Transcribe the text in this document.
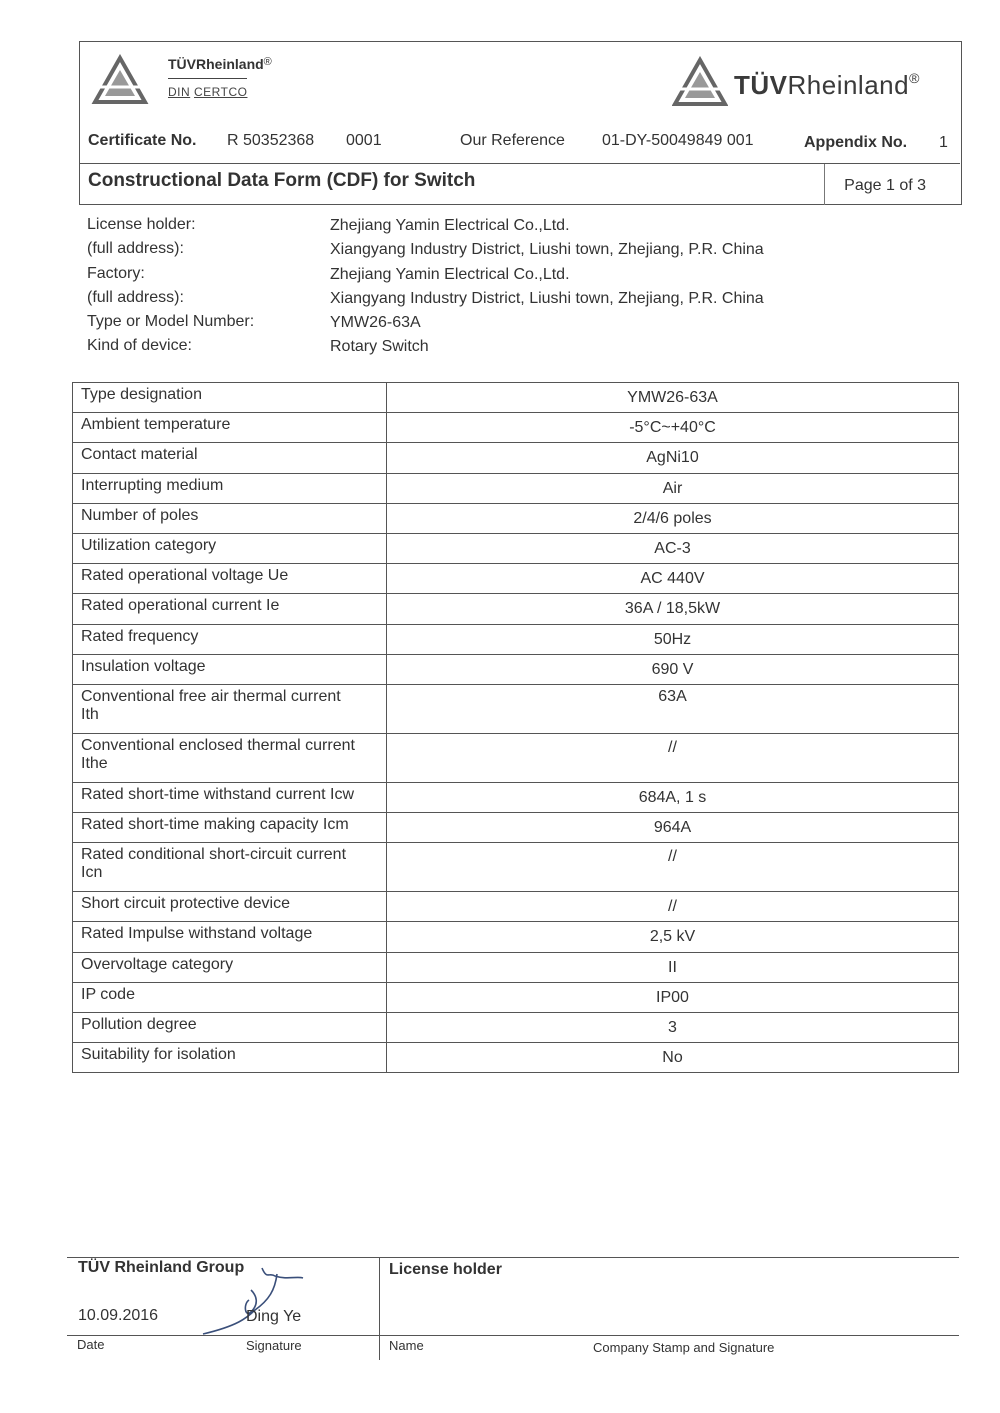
TÜVRheinland®
DIN CERTCO	TÜVRheinland®
Certificate No. R 50352368 0001	Our Reference 01-DY-50049849 001	Appendix No. 1
Constructional Data Form (CDF) for Switch	Page 1 of 3
License holder:	Zhejiang Yamin Electrical Co.,Ltd.
(full address):	Xiangyang Industry District, Liushi town, Zhejiang, P.R. China
Factory:	Zhejiang Yamin Electrical Co.,Ltd.
(full address):	Xiangyang Industry District, Liushi town, Zhejiang, P.R. China
Type or Model Number:	YMW26-63A
Kind of device:	Rotary Switch
Type designation	YMW26-63A
Ambient temperature	-5°C~+40°C
Contact material	AgNi10
Interrupting medium	Air
Number of poles	2/4/6 poles
Utilization category	AC-3
Rated operational voltage Ue	AC 440V
Rated operational current Ie	36A / 18,5kW
Rated frequency	50Hz
Insulation voltage	690 V
Conventional free air thermal current
Ith	63A
Conventional enclosed thermal current
Ithe	//
Rated short-time withstand current Icw	684A, 1 s
Rated short-time making capacity Icm	964A
Rated conditional short-circuit current
Icn	//
Short circuit protective device	//
Rated Impulse withstand voltage	2,5 kV
Overvoltage category	II
IP code	IP00
Pollution degree	3
Suitability for isolation	No
TÜV Rheinland Group
10.09.2016	Ding Ye
Date	Signature
License holder
Name	Company Stamp and Signature
